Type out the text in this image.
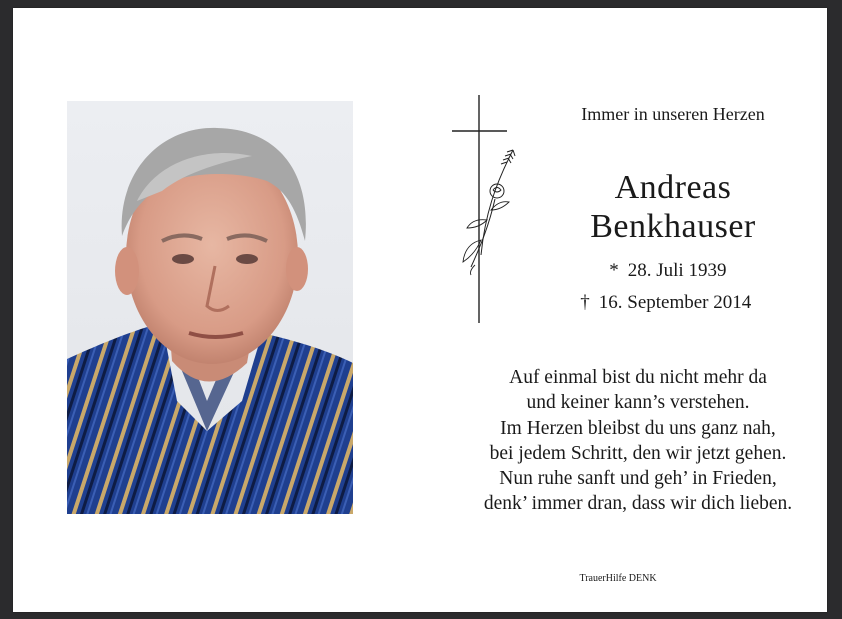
Immer in unseren Herzen
Andreas
Benkhauser
* 28. Juli 1939
† 16. September 2014
Auf einmal bist du nicht mehr da
und keiner kann’s verstehen.
Im Herzen bleibst du uns ganz nah,
bei jedem Schritt, den wir jetzt gehen.
Nun ruhe sanft und geh’ in Frieden,
denk’ immer dran, dass wir dich lieben.
TrauerHilfe DENK
